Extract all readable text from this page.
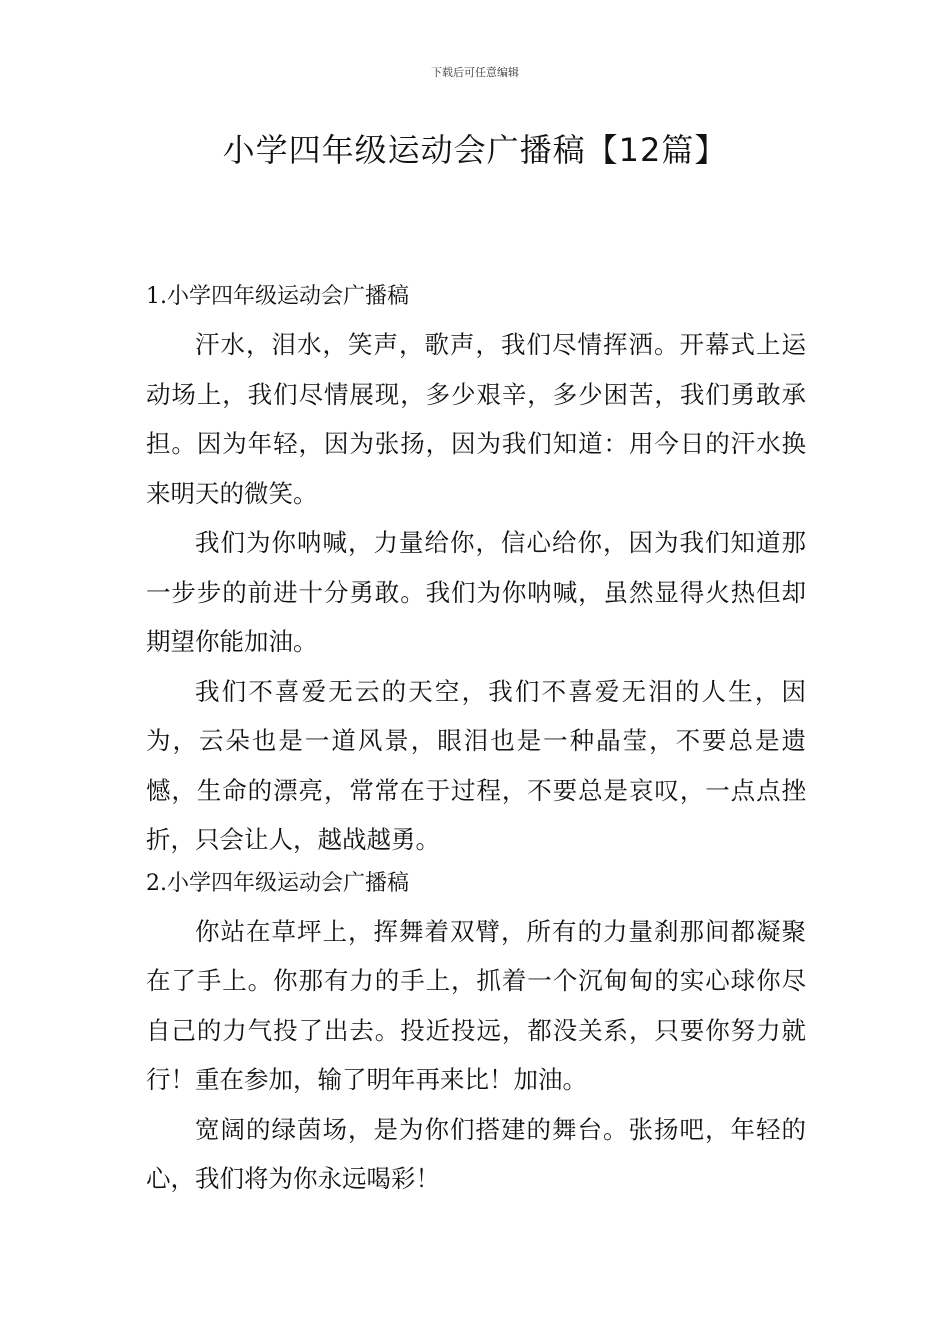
下载后可任意编辑
小学四年级运动会广播稿【12篇】

1.小学四年级运动会广播稿

汗水，泪水，笑声，歌声，我们尽情挥洒。开幕式上运动场上，我们尽情展现，多少艰辛，多少困苦，我们勇敢承担。因为年轻，因为张扬，因为我们知道：用今日的汗水换来明天的微笑。

我们为你呐喊，力量给你，信心给你，因为我们知道那一步步的前进十分勇敢。我们为你呐喊，虽然显得火热但却期望你能加油。

我们不喜爱无云的天空，我们不喜爱无泪的人生，因为，云朵也是一道风景，眼泪也是一种晶莹，不要总是遗憾，生命的漂亮，常常在于过程，不要总是哀叹，一点点挫折，只会让人，越战越勇。

2.小学四年级运动会广播稿

你站在草坪上，挥舞着双臂，所有的力量刹那间都凝聚在了手上。你那有力的手上，抓着一个沉甸甸的实心球你尽自己的力气投了出去。投近投远，都没关系，只要你努力就行！重在参加，输了明年再来比！加油。

宽阔的绿茵场，是为你们搭建的舞台。张扬吧，年轻的心，我们将为你永远喝彩！
